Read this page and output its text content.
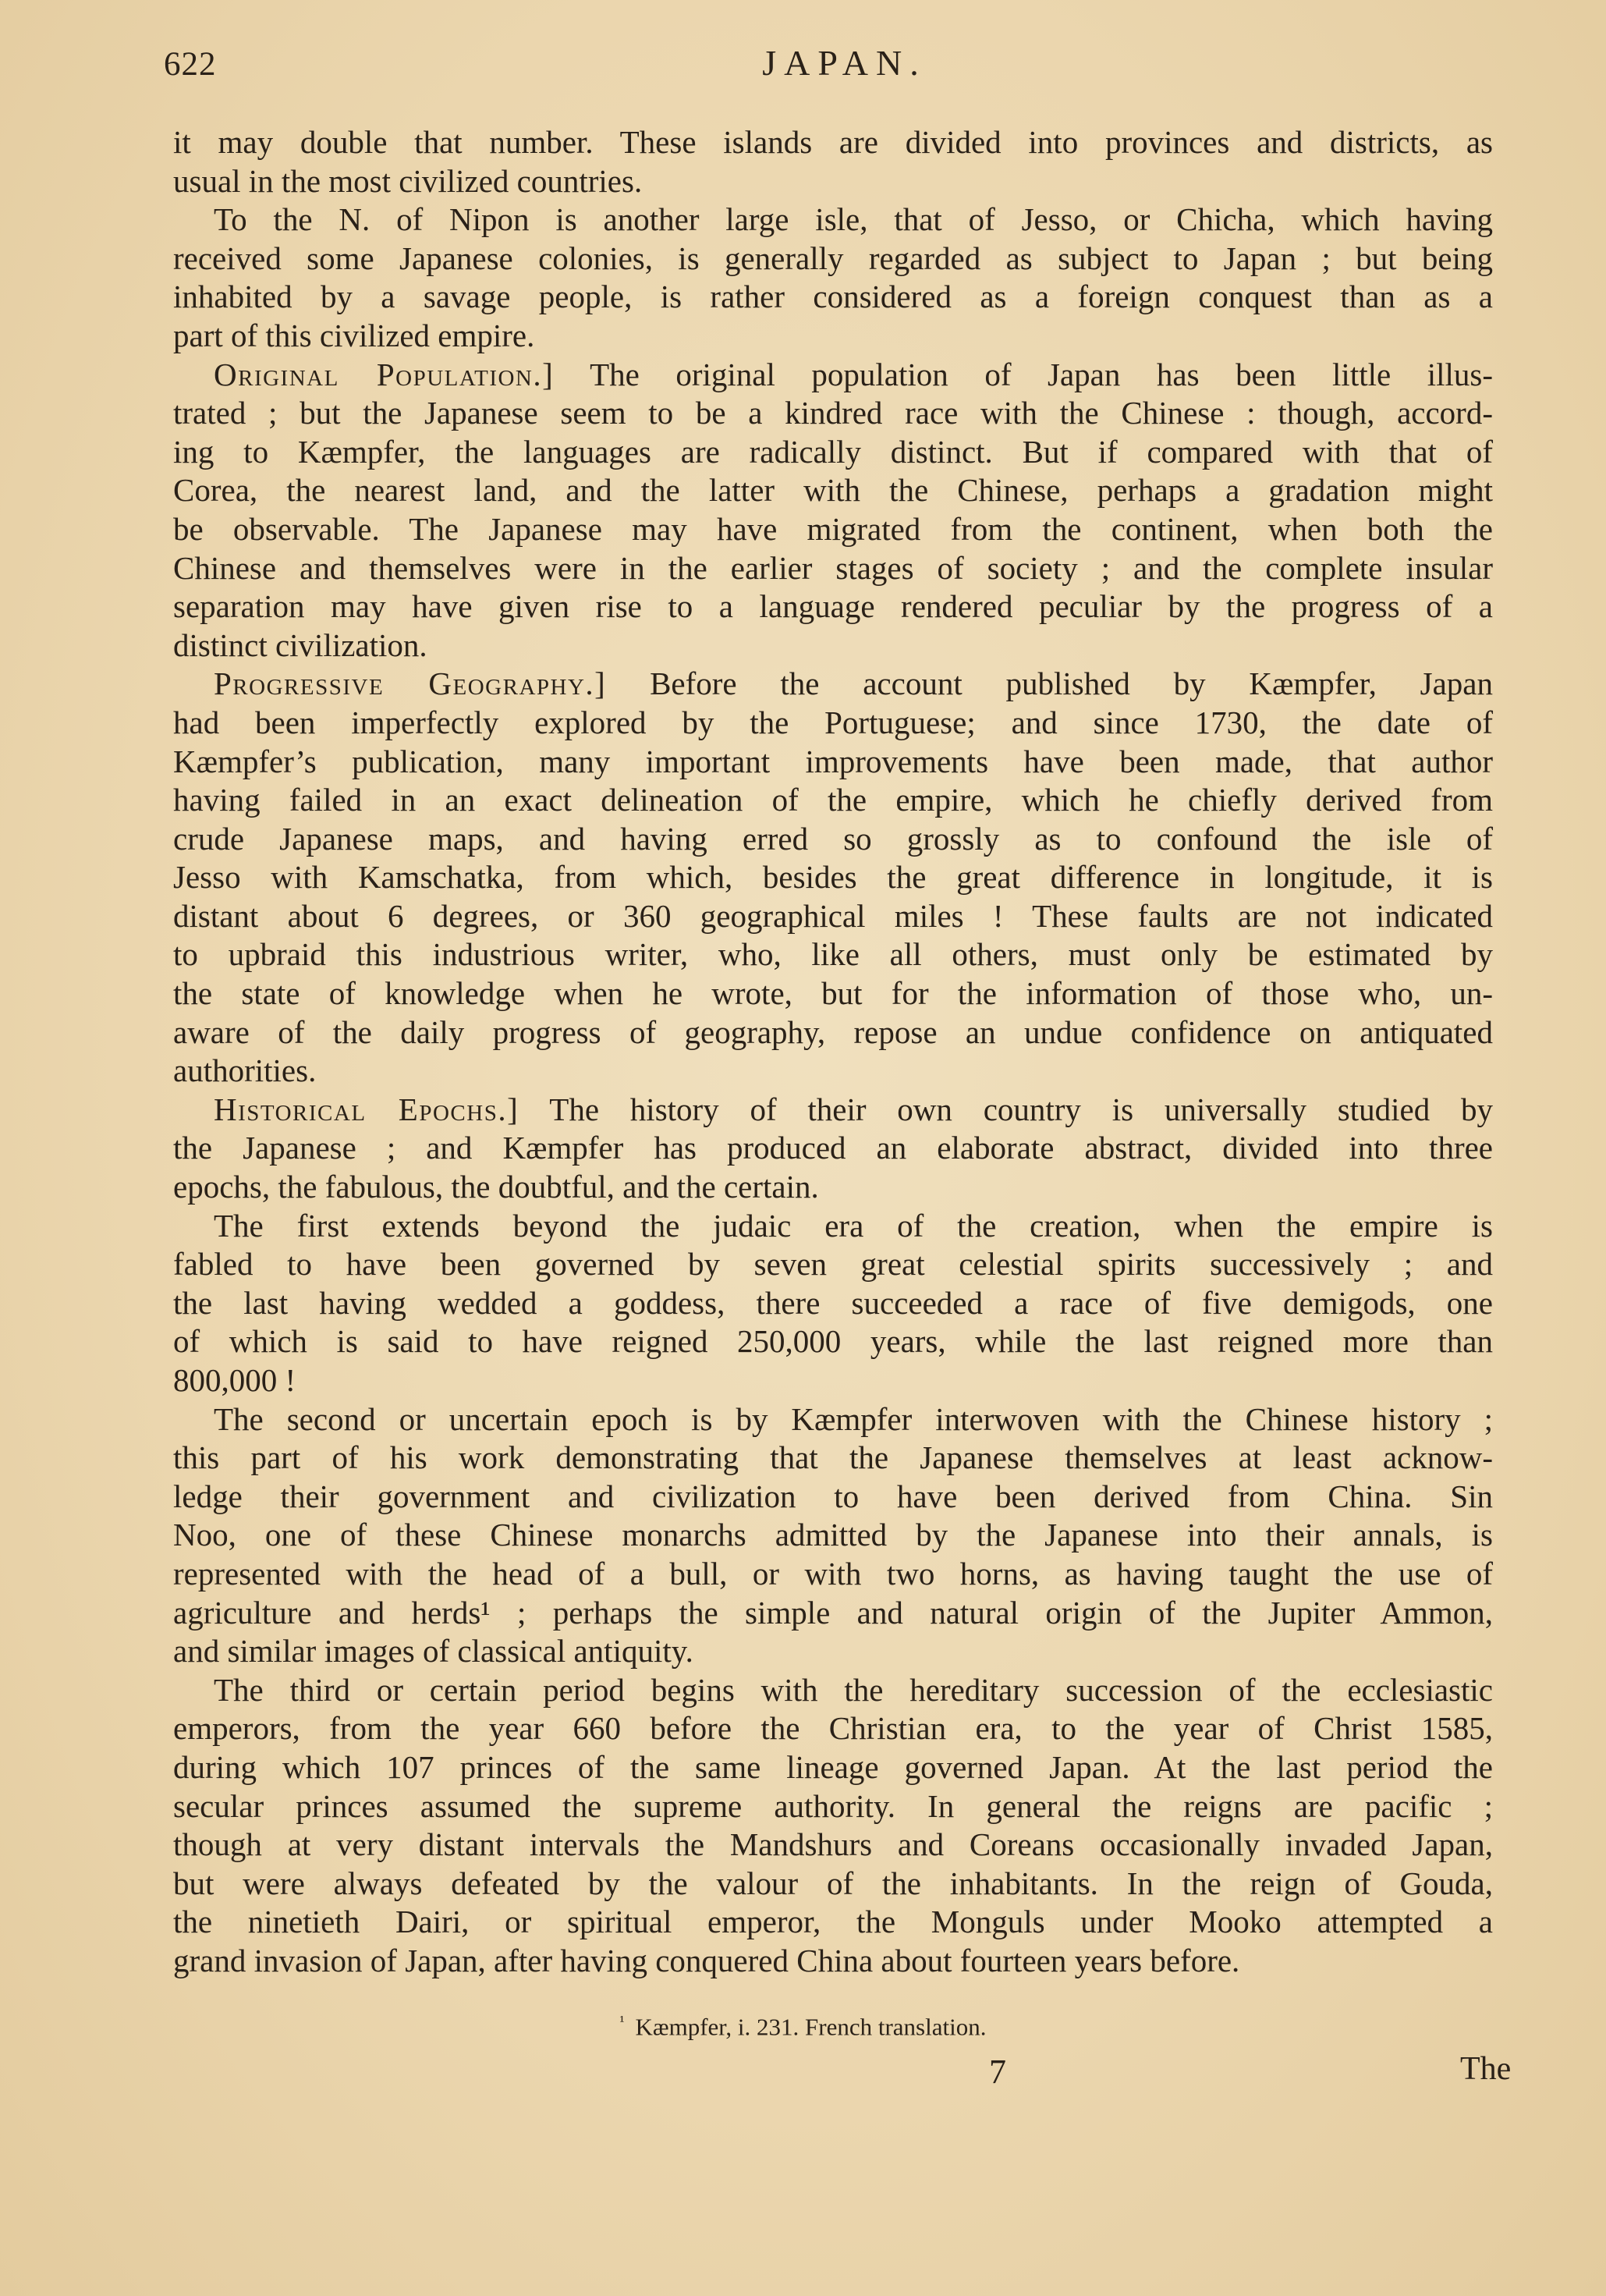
622	JAPAN.
it may double that number. These islands are divided into provinces and districts, as
usual in the most civilized countries.
To the N. of Nipon is another large isle, that of Jesso, or Chicha, which having
received some Japanese colonies, is generally regarded as subject to Japan ; but being
inhabited by a savage people, is rather considered as a foreign conquest than as a
part of this civilized empire.
Original Population.] The original population of Japan has been little illus-
trated ; but the Japanese seem to be a kindred race with the Chinese : though, accord-
ing to Kæmpfer, the languages are radically distinct. But if compared with that of
Corea, the nearest land, and the latter with the Chinese, perhaps a gradation might
be observable. The Japanese may have migrated from the continent, when both the
Chinese and themselves were in the earlier stages of society ; and the complete insular
separation may have given rise to a language rendered peculiar by the progress of a
distinct civilization.
Progressive Geography.] Before the account published by Kæmpfer, Japan
had been imperfectly explored by the Portuguese; and since 1730, the date of
Kæmpfer’s publication, many important improvements have been made, that author
having failed in an exact delineation of the empire, which he chiefly derived from
crude Japanese maps, and having erred so grossly as to confound the isle of
Jesso with Kamschatka, from which, besides the great difference in longitude, it is
distant about 6 degrees, or 360 geographical miles ! These faults are not indicated
to upbraid this industrious writer, who, like all others, must only be estimated by
the state of knowledge when he wrote, but for the information of those who, un-
aware of the daily progress of geography, repose an undue confidence on antiquated
authorities.
Historical Epochs.] The history of their own country is universally studied by
the Japanese ; and Kæmpfer has produced an elaborate abstract, divided into three
epochs, the fabulous, the doubtful, and the certain.
The first extends beyond the judaic era of the creation, when the empire is
fabled to have been governed by seven great celestial spirits successively ; and
the last having wedded a goddess, there succeeded a race of five demigods, one
of which is said to have reigned 250,000 years, while the last reigned more than
800,000 !
The second or uncertain epoch is by Kæmpfer interwoven with the Chinese history ;
this part of his work demonstrating that the Japanese themselves at least acknow-
ledge their government and civilization to have been derived from China. Sin
Noo, one of these Chinese monarchs admitted by the Japanese into their annals, is
represented with the head of a bull, or with two horns, as having taught the use of
agriculture and herds¹ ; perhaps the simple and natural origin of the Jupiter Ammon,
and similar images of classical antiquity.
The third or certain period begins with the hereditary succession of the ecclesiastic
emperors, from the year 660 before the Christian era, to the year of Christ 1585,
during which 107 princes of the same lineage governed Japan. At the last period the
secular princes assumed the supreme authority. In general the reigns are pacific ;
though at very distant intervals the Mandshurs and Coreans occasionally invaded Japan,
but were always defeated by the valour of the inhabitants. In the reign of Gouda,
the ninetieth Dairi, or spiritual emperor, the Monguls under Mooko attempted a
grand invasion of Japan, after having conquered China about fourteen years before.
$^{^1}$ Kæmpfer, i. 231. French translation.
7	The
